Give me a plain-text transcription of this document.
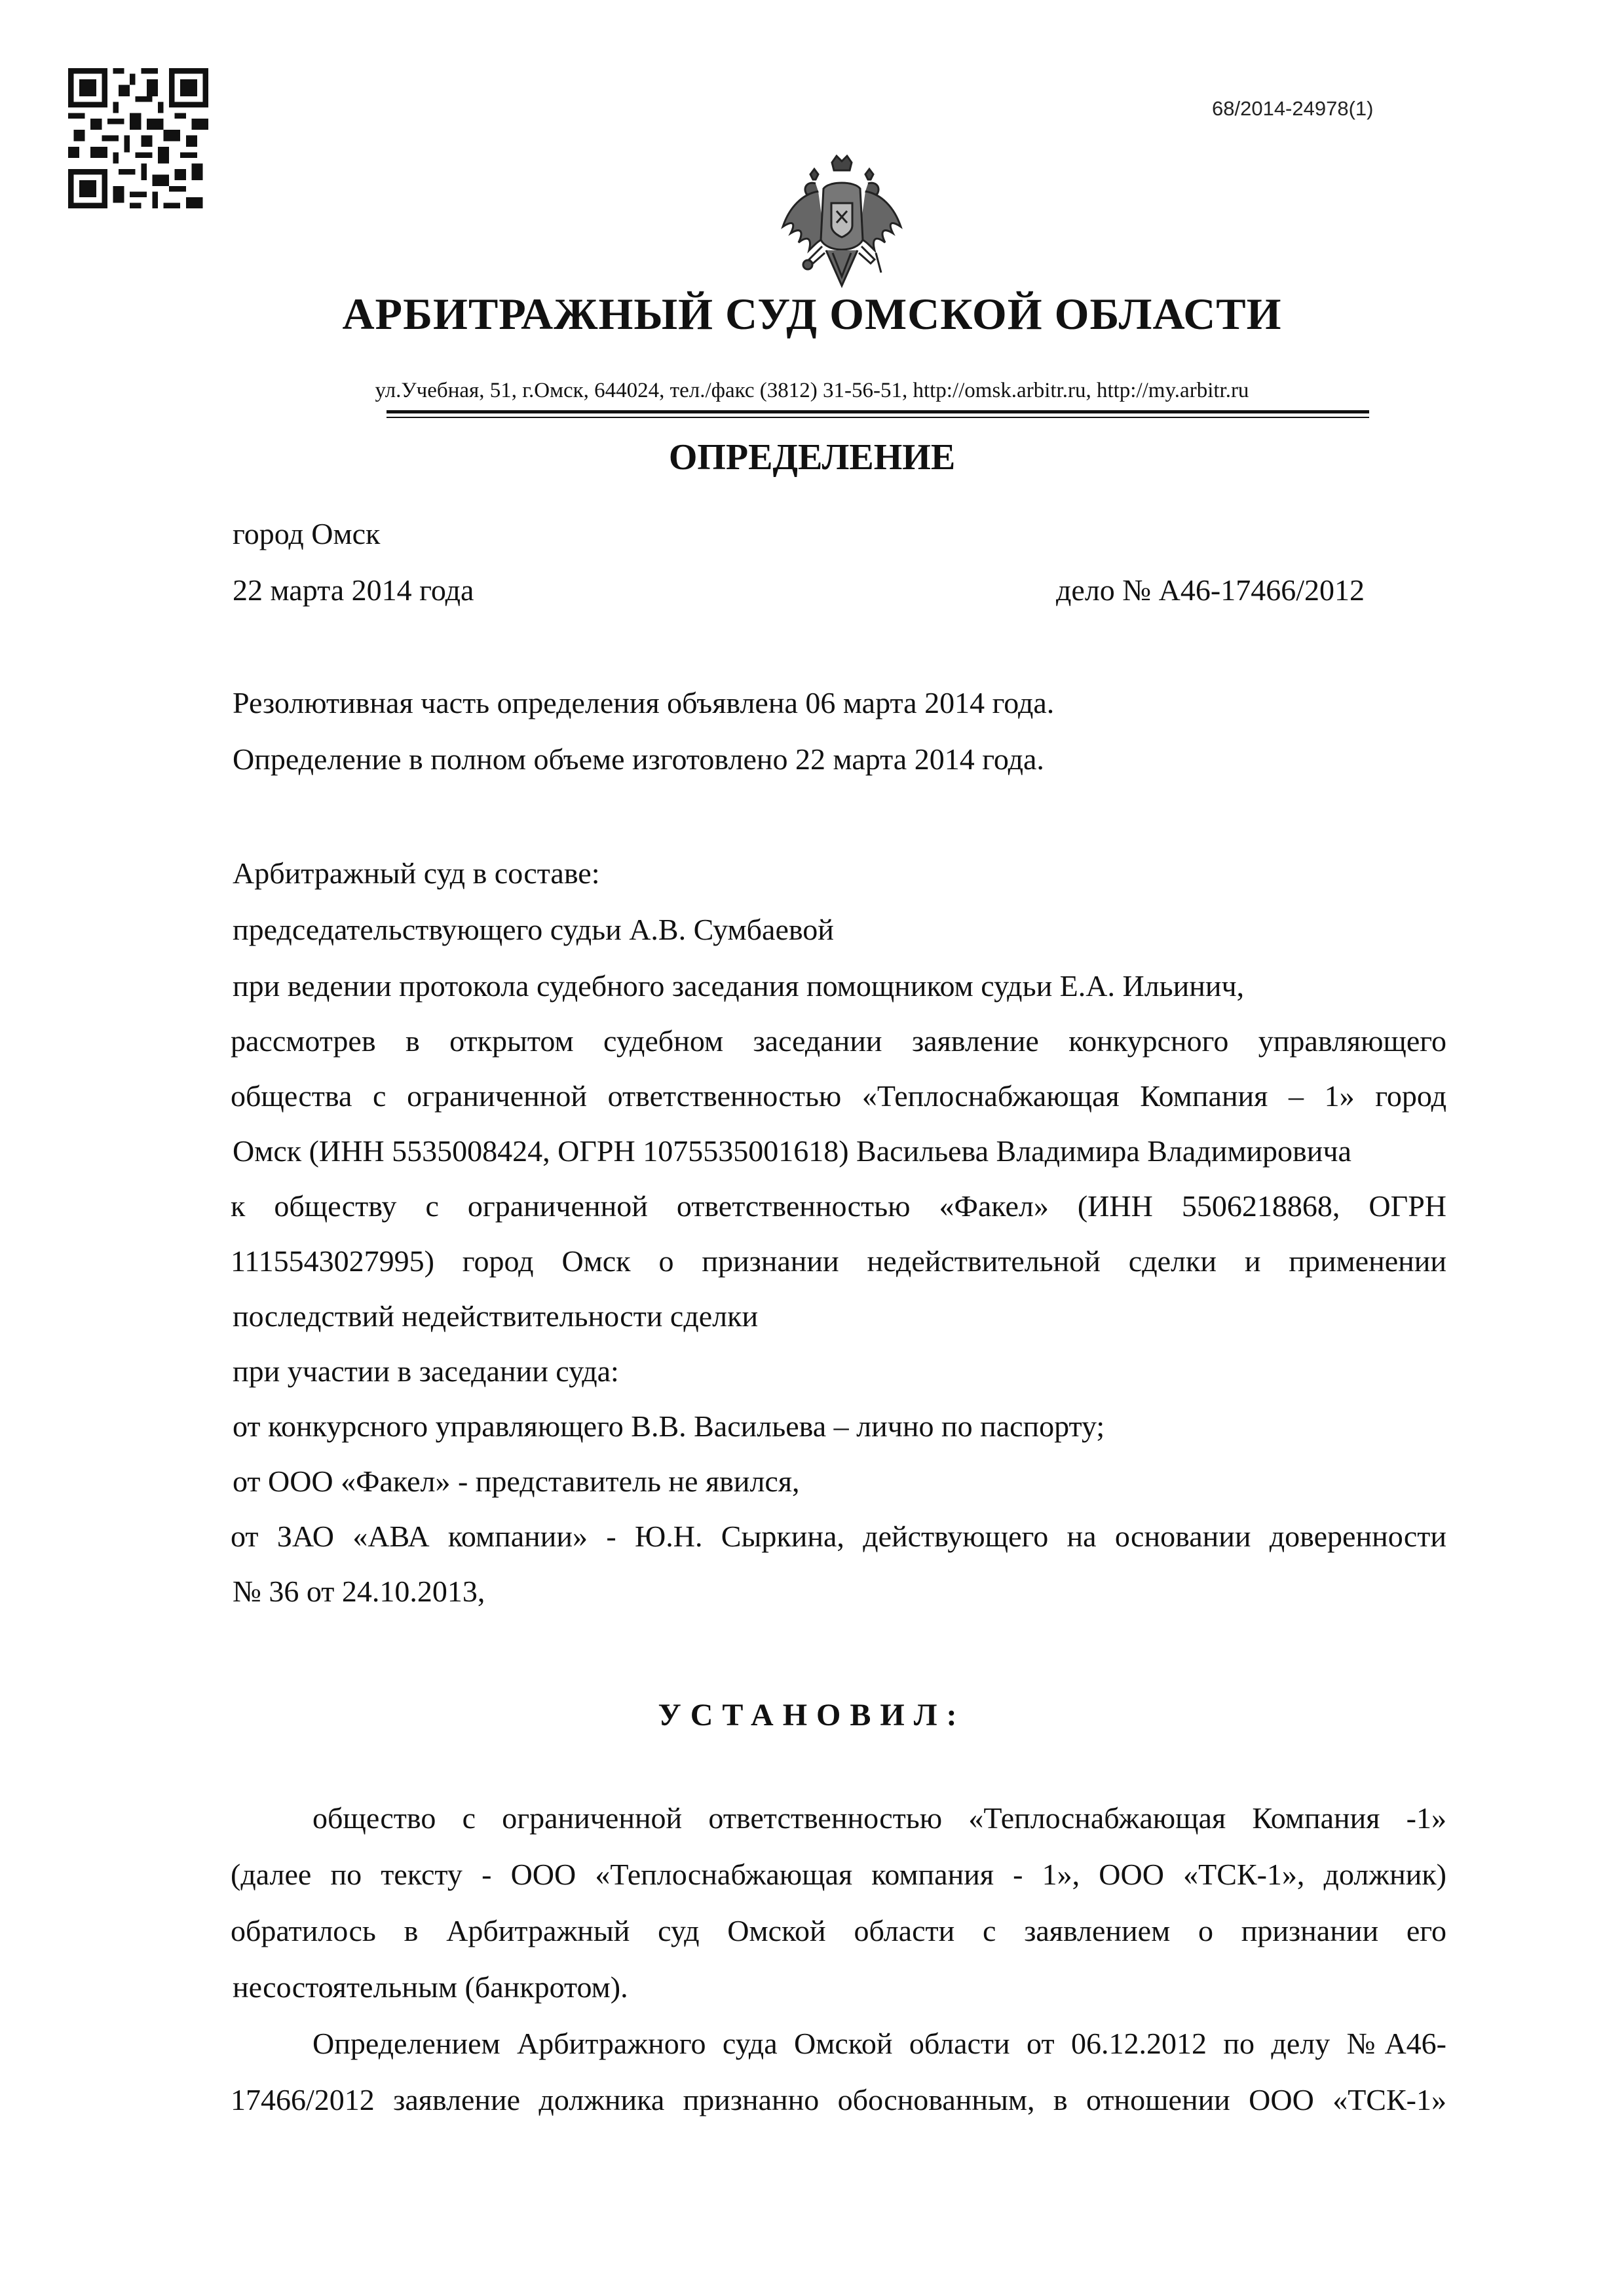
68/2014-24978(1)
АРБИТРАЖНЫЙ СУД ОМСКОЙ ОБЛАСТИ
ул.Учебная, 51, г.Омск, 644024, тел./факс (3812) 31-56-51, http://omsk.arbitr.ru, http://my.arbitr.ru
ОПРЕДЕЛЕНИЕ
город Омск
22 марта 2014 года	дело № А46-17466/2012
Резолютивная часть определения объявлена 06 марта 2014 года.
Определение в полном объеме изготовлено 22 марта 2014 года.
Арбитражный суд в составе:
председательствующего судьи А.В. Сумбаевой
при ведении протокола судебного заседания помощником судьи Е.А. Ильинич,
рассмотрев в открытом судебном заседании заявление конкурсного управляющего
общества с ограниченной ответственностью «Теплоснабжающая Компания – 1» город
Омск (ИНН 5535008424, ОГРН 1075535001618) Васильева Владимира Владимировича
к обществу с ограниченной ответственностью «Факел» (ИНН 5506218868, ОГРН
1115543027995) город Омск о признании недействительной сделки и применении
последствий недействительности сделки
при участии в заседании суда:
от конкурсного управляющего В.В. Васильева – лично по паспорту;
от ООО «Факел» - представитель не явился,
от ЗАО «АВА компании» - Ю.Н. Сыркина, действующего на основании доверенности
№ 36 от 24.10.2013,
УСТАНОВИЛ:
общество с ограниченной ответственностью «Теплоснабжающая Компания -1»
(далее по тексту - ООО «Теплоснабжающая компания - 1», ООО «ТСК-1», должник)
обратилось в Арбитражный суд Омской области с заявлением о признании его
несостоятельным (банкротом).
Определением Арбитражного суда Омской области от 06.12.2012 по делу №А46-
17466/2012 заявление должника признанно обоснованным, в отношении ООО «ТСК-1»
